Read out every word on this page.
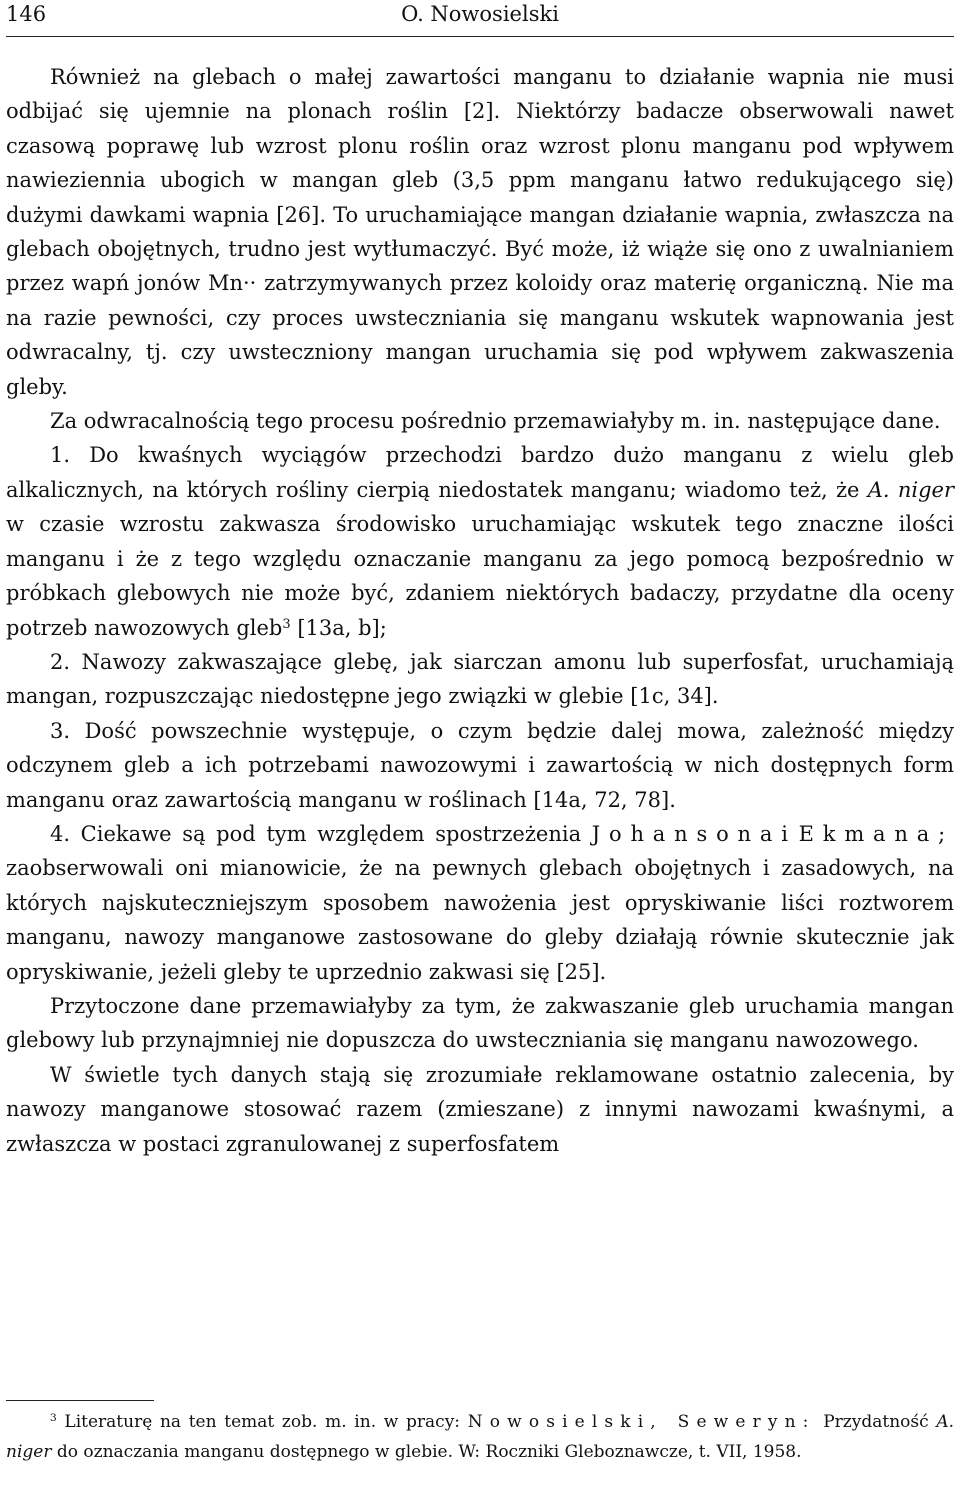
146	O. Nowosielski

Również na glebach o małej zawartości manganu to działanie wapnia nie musi odbijać się ujemnie na plonach roślin [2]. Niektórzy badacze obserwowali nawet czasową poprawę lub wzrost plonu roślin oraz wzrost plonu manganu pod wpływem nawieziennia ubogich w mangan gleb (3,5 ppm manganu łatwo redukującego się) dużymi dawkami wapnia [26]. To uruchamiające mangan działanie wapnia, zwłaszcza na glebach obojętnych, trudno jest wytłumaczyć. Być może, iż wiąże się ono z uwalnianiem przez wapń jonów Mn·· zatrzymywanych przez koloidy oraz materię organiczną. Nie ma na razie pewności, czy proces uwsteczniania się manganu wskutek wapnowania jest odwracalny, tj. czy uwsteczniony mangan uruchamia się pod wpływem zakwaszenia gleby.

Za odwracalnością tego procesu pośrednio przemawiałyby m. in. następujące dane.

1. Do kwaśnych wyciągów przechodzi bardzo dużo manganu z wielu gleb alkalicznych, na których rośliny cierpią niedostatek manganu; wiadomo też, że A. niger w czasie wzrostu zakwasza środowisko uruchamiając wskutek tego znaczne ilości manganu i że z tego względu oznaczanie manganu za jego pomocą bezpośrednio w próbkach glebowych nie może być, zdaniem niektórych badaczy, przydatne dla oceny potrzeb nawozowych gleb$^3$ [13a, b];

2. Nawozy zakwaszające glebę, jak siarczan amonu lub superfosfat, uruchamiają mangan, rozpuszczając niedostępne jego związki w glebie [1c, 34].

3. Dość powszechnie występuje, o czym będzie dalej mowa, zależność między odczynem gleb a ich potrzebami nawozowymi i zawartością w nich dostępnych form manganu oraz zawartością manganu w roślinach [14a, 72, 78].

4. Ciekawe są pod tym względem spostrzeżenia Johansonai Ekmana; zaobserwowali oni mianowicie, że na pewnych glebach obojętnych i zasadowych, na których najskuteczniejszym sposobem nawożenia jest opryskiwanie liści roztworem manganu, nawozy manganowe zastosowane do gleby działają równie skutecznie jak opryskiwanie, jeżeli gleby te uprzednio zakwasi się [25].

Przytoczone dane przemawiałyby za tym, że zakwaszanie gleb uruchamia mangan glebowy lub przynajmniej nie dopuszcza do uwsteczniania się manganu nawozowego.

W świetle tych danych stają się zrozumiałe reklamowane ostatnio zalecenia, by nawozy manganowe stosować razem (zmieszane) z innymi nawozami kwaśnymi, a zwłaszcza w postaci zgranulowanej z superfosfatem

$^3$ Literaturę na ten temat zob. m. in. w pracy: Nowosielski, Seweryn: Przydatność A. niger do oznaczania manganu dostępnego w glebie. W: Roczniki Gleboznawcze, t. VII, 1958.
